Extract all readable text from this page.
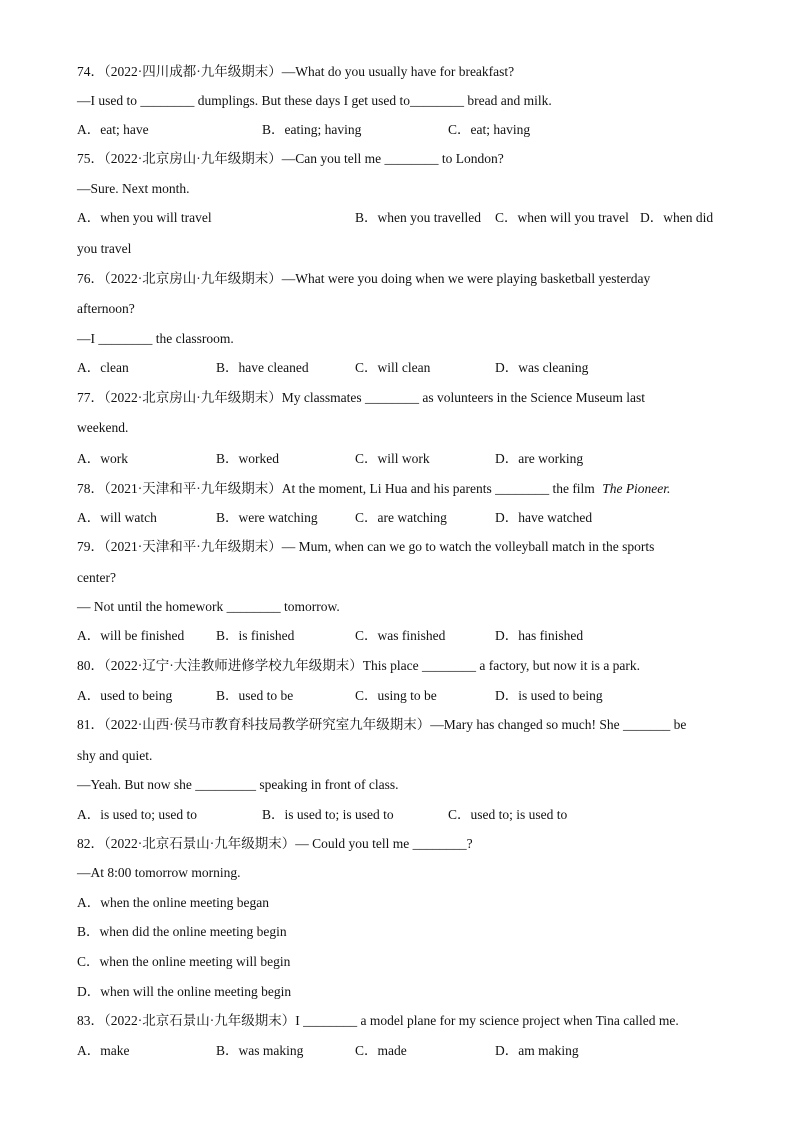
74．（2022·四川成都·九年级期末）—What do you usually have for breakfast?
—I used to ________ dumplings. But these days I get used to________ bread and milk.
A．eat; have	B．eating; having	C．eat; having
75．（2022·北京房山·九年级期末）—Can you tell me ________ to London?
—Sure. Next month.
A．when you will travel	B．when you travelled C．when will you travel D．when did
you travel
76．（2022·北京房山·九年级期末）—What were you doing when we were playing basketball yesterday
afternoon?
—I ________ the classroom.
A．clean	B．have cleaned	C．will clean	D．was cleaning
77．（2022·北京房山·九年级期末）My classmates ________ as volunteers in the Science Museum last
weekend.
A．work	B．worked	C．will work	D．are working
78．（2021·天津和平·九年级期末）At the moment, Li Hua and his parents ________ the film The Pioneer.
A．will watch	B．were watching	C．are watching	D．have watched
79．（2021·天津和平·九年级期末）— Mum, when can we go to watch the volleyball match in the sports
center?
— Not until the homework ________ tomorrow.
A．will be finished B．is finished	C．was finished	D．has finished
80．（2022·辽宁·大洼教师进修学校九年级期末）This place ________ a factory, but now it is a park.
A．used to being	B．used to be	C．using to be	D．is used to being
81．（2022·山西·侯马市教育科技局教学研究室九年级期末）—Mary has changed so much! She _______ be
shy and quiet.
—Yeah. But now she _________ speaking in front of class.
A．is used to; used to	B．is used to; is used to	C．used to; is used to
82．（2022·北京石景山·九年级期末）— Could you tell me ________?
—At 8:00 tomorrow morning.
A．when the online meeting began
B．when did the online meeting begin
C．when the online meeting will begin
D．when will the online meeting begin
83．（2022·北京石景山·九年级期末）I ________ a model plane for my science project when Tina called me.
A．make	B．was making	C．made	D．am making
